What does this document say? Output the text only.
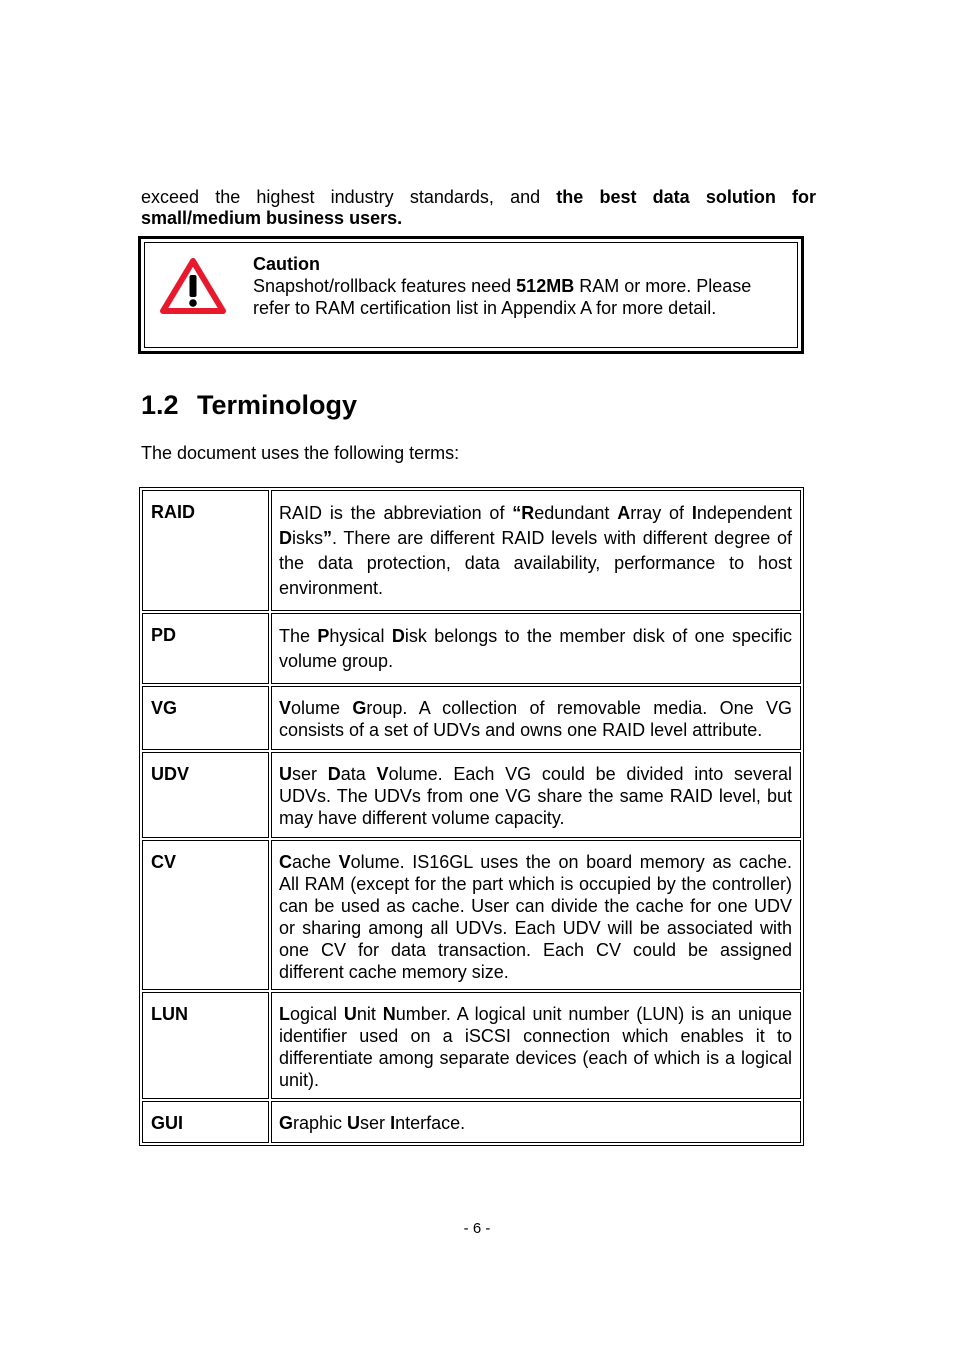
exceed the highest industry standards, and the best data solution for small/medium business users.

Caution
Snapshot/rollback features need 512MB RAM or more. Please refer to RAM certification list in Appendix A for more detail.
1.2 Terminology

The document uses the following terms:

RAID	RAID is the abbreviation of “Redundant Array of Independent Disks”. There are different RAID levels with different degree of the data protection, data availability, performance to host environment.
PD	The Physical Disk belongs to the member disk of one specific volume group.
VG	Volume Group. A collection of removable media. One VG consists of a set of UDVs and owns one RAID level attribute.
UDV	User Data Volume. Each VG could be divided into several UDVs. The UDVs from one VG share the same RAID level, but may have different volume capacity.
CV	Cache Volume. IS16GL uses the on board memory as cache. All RAM (except for the part which is occupied by the controller) can be used as cache. User can divide the cache for one UDV or sharing among all UDVs. Each UDV will be associated with one CV for data transaction. Each CV could be assigned different cache memory size.
LUN	Logical Unit Number. A logical unit number (LUN) is an unique identifier used on a iSCSI connection which enables it to differentiate among separate devices (each of which is a logical unit).
GUI	Graphic User Interface.
- 6 -
